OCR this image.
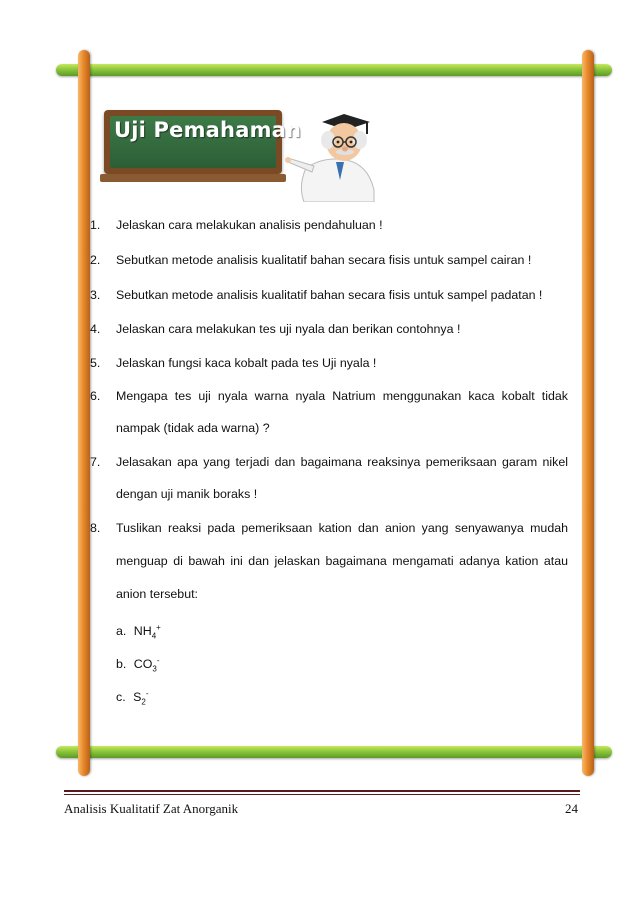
Uji Pemahaman
1.	Jelaskan cara melakukan analisis pendahuluan !
2.	Sebutkan metode analisis kualitatif bahan secara fisis untuk sampel cairan !
3.	Sebutkan metode analisis kualitatif bahan secara fisis untuk sampel padatan !
4.	Jelaskan cara melakukan tes uji nyala dan berikan contohnya !
5.	Jelaskan fungsi kaca kobalt pada tes Uji nyala !
6.	Mengapa tes uji nyala warna nyala Natrium menggunakan kaca kobalt tidak
nampak (tidak ada warna) ?
7.	Jelasakan apa yang terjadi dan bagaimana reaksinya pemeriksaan garam nikel
dengan uji manik boraks !
8.	Tuslikan reaksi pada pemeriksaan kation dan anion yang senyawanya mudah
menguap di bawah ini dan jelaskan bagaimana mengamati adanya kation atau
anion tersebut:
a. $NH_4^+$
b. $CO_3^-$
c. $S_2^-$
Analisis Kualitatif Zat Anorganik	24
